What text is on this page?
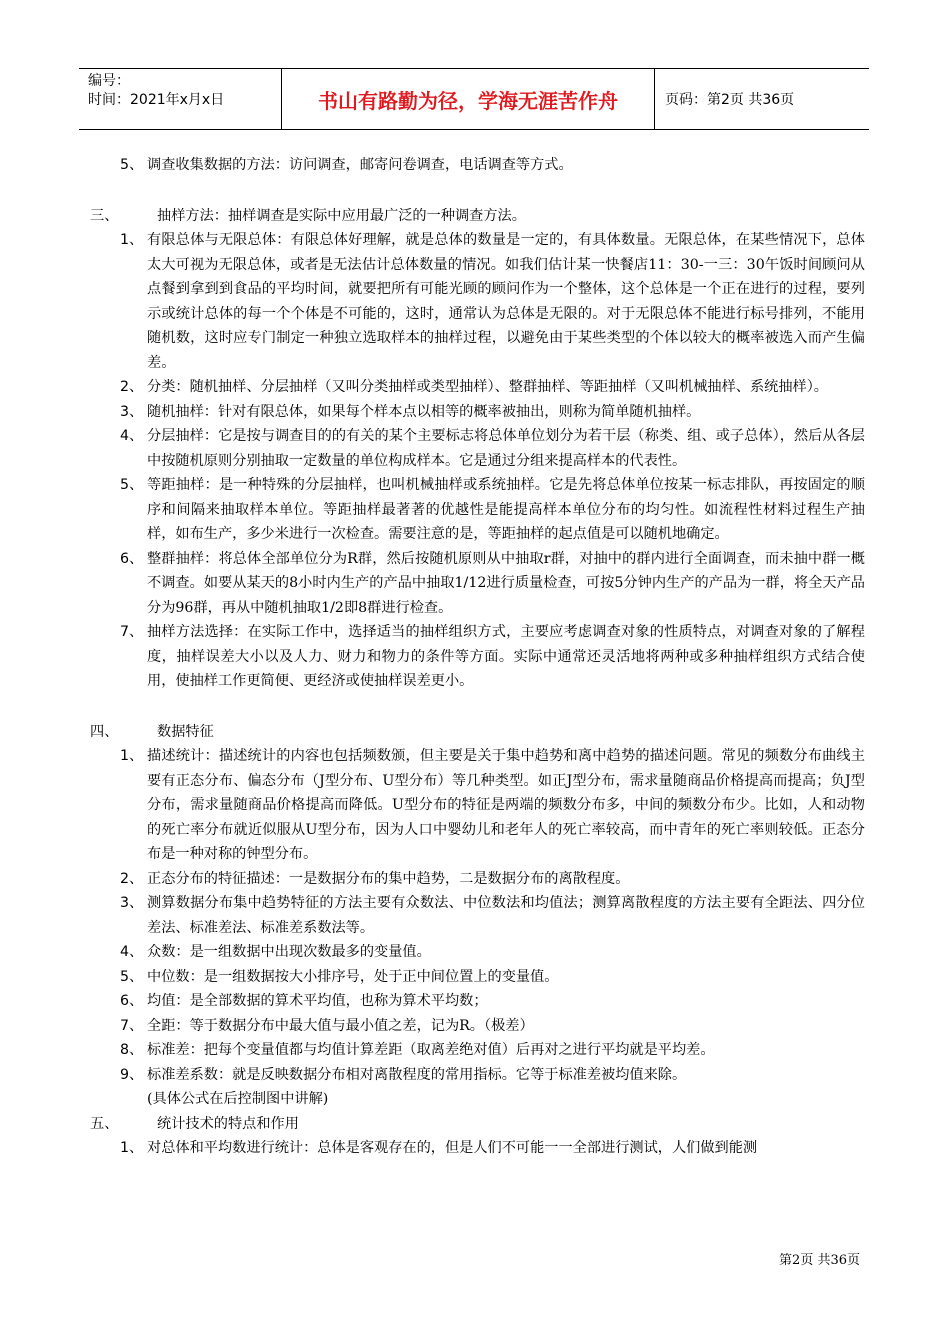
编号：
时间：2021年x月x日	书山有路勤为径，学海无涯苦作舟	页码：第2页 共36页
5、 调查收集数据的方法：访问调查，邮寄问卷调查，电话调查等方式。
三、	抽样方法：抽样调查是实际中应用最广泛的一种调查方法。
1、 有限总体与无限总体：有限总体好理解，就是总体的数量是一定的，有具体数量。无限总体，在某些情况下，总体太大可视为无限总体，或者是无法估计总体数量的情况。如我们估计某一快餐店11：30-一三：30午饭时间顾问从点餐到拿到到食品的平均时间，就要把所有可能光顾的顾问作为一个整体，这个总体是一个正在进行的过程，要列示或统计总体的每一个个体是不可能的，这时，通常认为总体是无限的。对于无限总体不能进行标号排列，不能用随机数，这时应专门制定一种独立选取样本的抽样过程，以避免由于某些类型的个体以较大的概率被选入而产生偏差。
2、 分类：随机抽样、分层抽样（又叫分类抽样或类型抽样）、整群抽样、等距抽样（又叫机械抽样、系统抽样）。
3、 随机抽样：针对有限总体，如果每个样本点以相等的概率被抽出，则称为简单随机抽样。
4、 分层抽样：它是按与调查目的的有关的某个主要标志将总体单位划分为若干层（称类、组、或子总体），然后从各层中按随机原则分别抽取一定数量的单位构成样本。它是通过分组来提高样本的代表性。
5、 等距抽样：是一种特殊的分层抽样，也叫机械抽样或系统抽样。它是先将总体单位按某一标志排队，再按固定的顺序和间隔来抽取样本单位。等距抽样最著著的优越性是能提高样本单位分布的均匀性。如流程性材料过程生产抽样，如布生产，多少米进行一次检查。需要注意的是，等距抽样的起点值是可以随机地确定。
6、 整群抽样：将总体全部单位分为R群，然后按随机原则从中抽取r群，对抽中的群内进行全面调查，而未抽中群一概不调查。如要从某天的8小时内生产的产品中抽取1/12进行质量检查，可按5分钟内生产的产品为一群，将全天产品分为96群，再从中随机抽取1/2即8群进行检查。
7、 抽样方法选择：在实际工作中，选择适当的抽样组织方式，主要应考虑调查对象的性质特点，对调查对象的了解程度，抽样误差大小以及人力、财力和物力的条件等方面。实际中通常还灵活地将两种或多种抽样组织方式结合使用，使抽样工作更简便、更经济或使抽样误差更小。
四、	数据特征
1、 描述统计：描述统计的内容也包括频数颁，但主要是关于集中趋势和离中趋势的描述问题。常见的频数分布曲线主要有正态分布、偏态分布（J型分布、U型分布）等几种类型。如正J型分布，需求量随商品价格提高而提高；负J型分布，需求量随商品价格提高而降低。U型分布的特征是两端的频数分布多，中间的频数分布少。比如，人和动物的死亡率分布就近似服从U型分布，因为人口中婴幼儿和老年人的死亡率较高，而中青年的死亡率则较低。正态分布是一种对称的钟型分布。
2、 正态分布的特征描述：一是数据分布的集中趋势，二是数据分布的离散程度。
3、 测算数据分布集中趋势特征的方法主要有众数法、中位数法和均值法；测算离散程度的方法主要有全距法、四分位差法、标准差法、标准差系数法等。
4、 众数：是一组数据中出现次数最多的变量值。
5、 中位数：是一组数据按大小排序号，处于正中间位置上的变量值。
6、 均值：是全部数据的算术平均值，也称为算术平均数；
7、 全距：等于数据分布中最大值与最小值之差，记为R。（极差）
8、 标准差：把每个变量值都与均值计算差距（取离差绝对值）后再对之进行平均就是平均差。
9、 标准差系数：就是反映数据分布相对离散程度的常用指标。它等于标准差被均值来除。
(具体公式在后控制图中讲解)
五、	统计技术的特点和作用
1、 对总体和平均数进行统计：总体是客观存在的，但是人们不可能一一全部进行测试，人们做到能测
第2页 共36页
